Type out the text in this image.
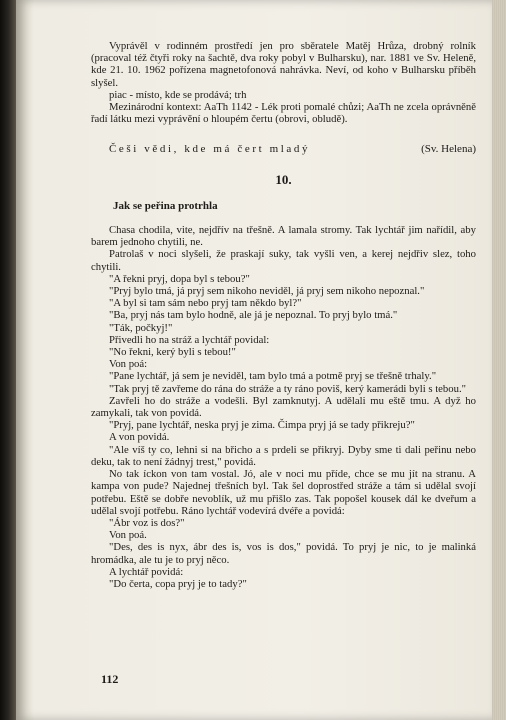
Vyprávěl v rodinném prostředí jen pro sběratele Matěj Hrůza, drobný rolník (pracoval též čtyři roky na šachtě, dva roky pobyl v Bulharsku), nar. 1881 ve Sv. Heleně, kde 21. 10. 1962 pořízena magnetofonová nahrávka. Neví, od koho v Bulharsku příběh slyšel.

piac - místo, kde se prodává; trh

Mezinárodní kontext: AaTh 1142 - Lék proti pomalé chůzi; AaTh ne zcela oprávněně řadí látku mezi vyprávění o hloupém čertu (obrovi, obludě).

Češi vědi, kde má čert mladý	(Sv. Helena)
10.
Jak se peřina protrhla

Chasa chodila, vite, nejdřív na třešně. A lamala stromy. Tak lychtář jim nařídil, aby barem jednoho chytili, ne.

Patrolaš v noci slyšeli, že praskají suky, tak vyšli ven, a kerej nejdřiv slez, toho chytili.

"A řekni pryj, dopa byl s tebou?"

"Pryj bylo tmá, já pryj sem nikoho neviděl, já pryj sem nikoho nepoznal."

"A byl si tam sám nebo pryj tam někdo byl?"

"Ba, pryj nás tam bylo hodně, ale já je nepoznal. To pryj bylo tmá."

"Ták, počkyj!"

Přivedli ho na stráž a lychtář povidal:

"No řekni, kerý byli s tebou!"

Von poá:

"Pane lychtář, já sem je neviděl, tam bylo tmá a potmě pryj se třešně trhaly."

"Tak pryj tě zavřeme do rána do stráže a ty ráno poviš, kerý kamerádi byli s tebou."

Zavřeli ho do stráže a vodešli. Byl zamknutyj. A udělali mu eště tmu. A dyž ho zamykali, tak von povidá.

"Pryj, pane lychtář, neska pryj je zima. Čimpa pryj já se tady přikreju?"

A von povidá.

"Ale víš ty co, lehni si na břicho a s prdeli se přikryj. Dyby sme ti dali peřinu nebo deku, tak to není žádnyj trest," povidá.

No tak íckon von tam vostal. Jó, ale v noci mu příde, chce se mu jít na stranu. A kampa von pude? Najednej třešních byl. Tak šel doprostřed stráže a tám si udělal svojí potřebu. Eště se dobře nevoblík, už mu přišlo zas. Tak popošel kousek dál ke dveřum a udělal svojí potřebu. Ráno lychtář vodevírá dvéře a povidá:

"Ábr voz is dos?"

Von poá.

"Des, des is nyx, ábr des is, vos is dos," povidá. To pryj je nic, to je malinká hromádka, ale tu je to pryj něco.

A lychtář povidá:

"Do čerta, copa pryj je to tady?"

112
